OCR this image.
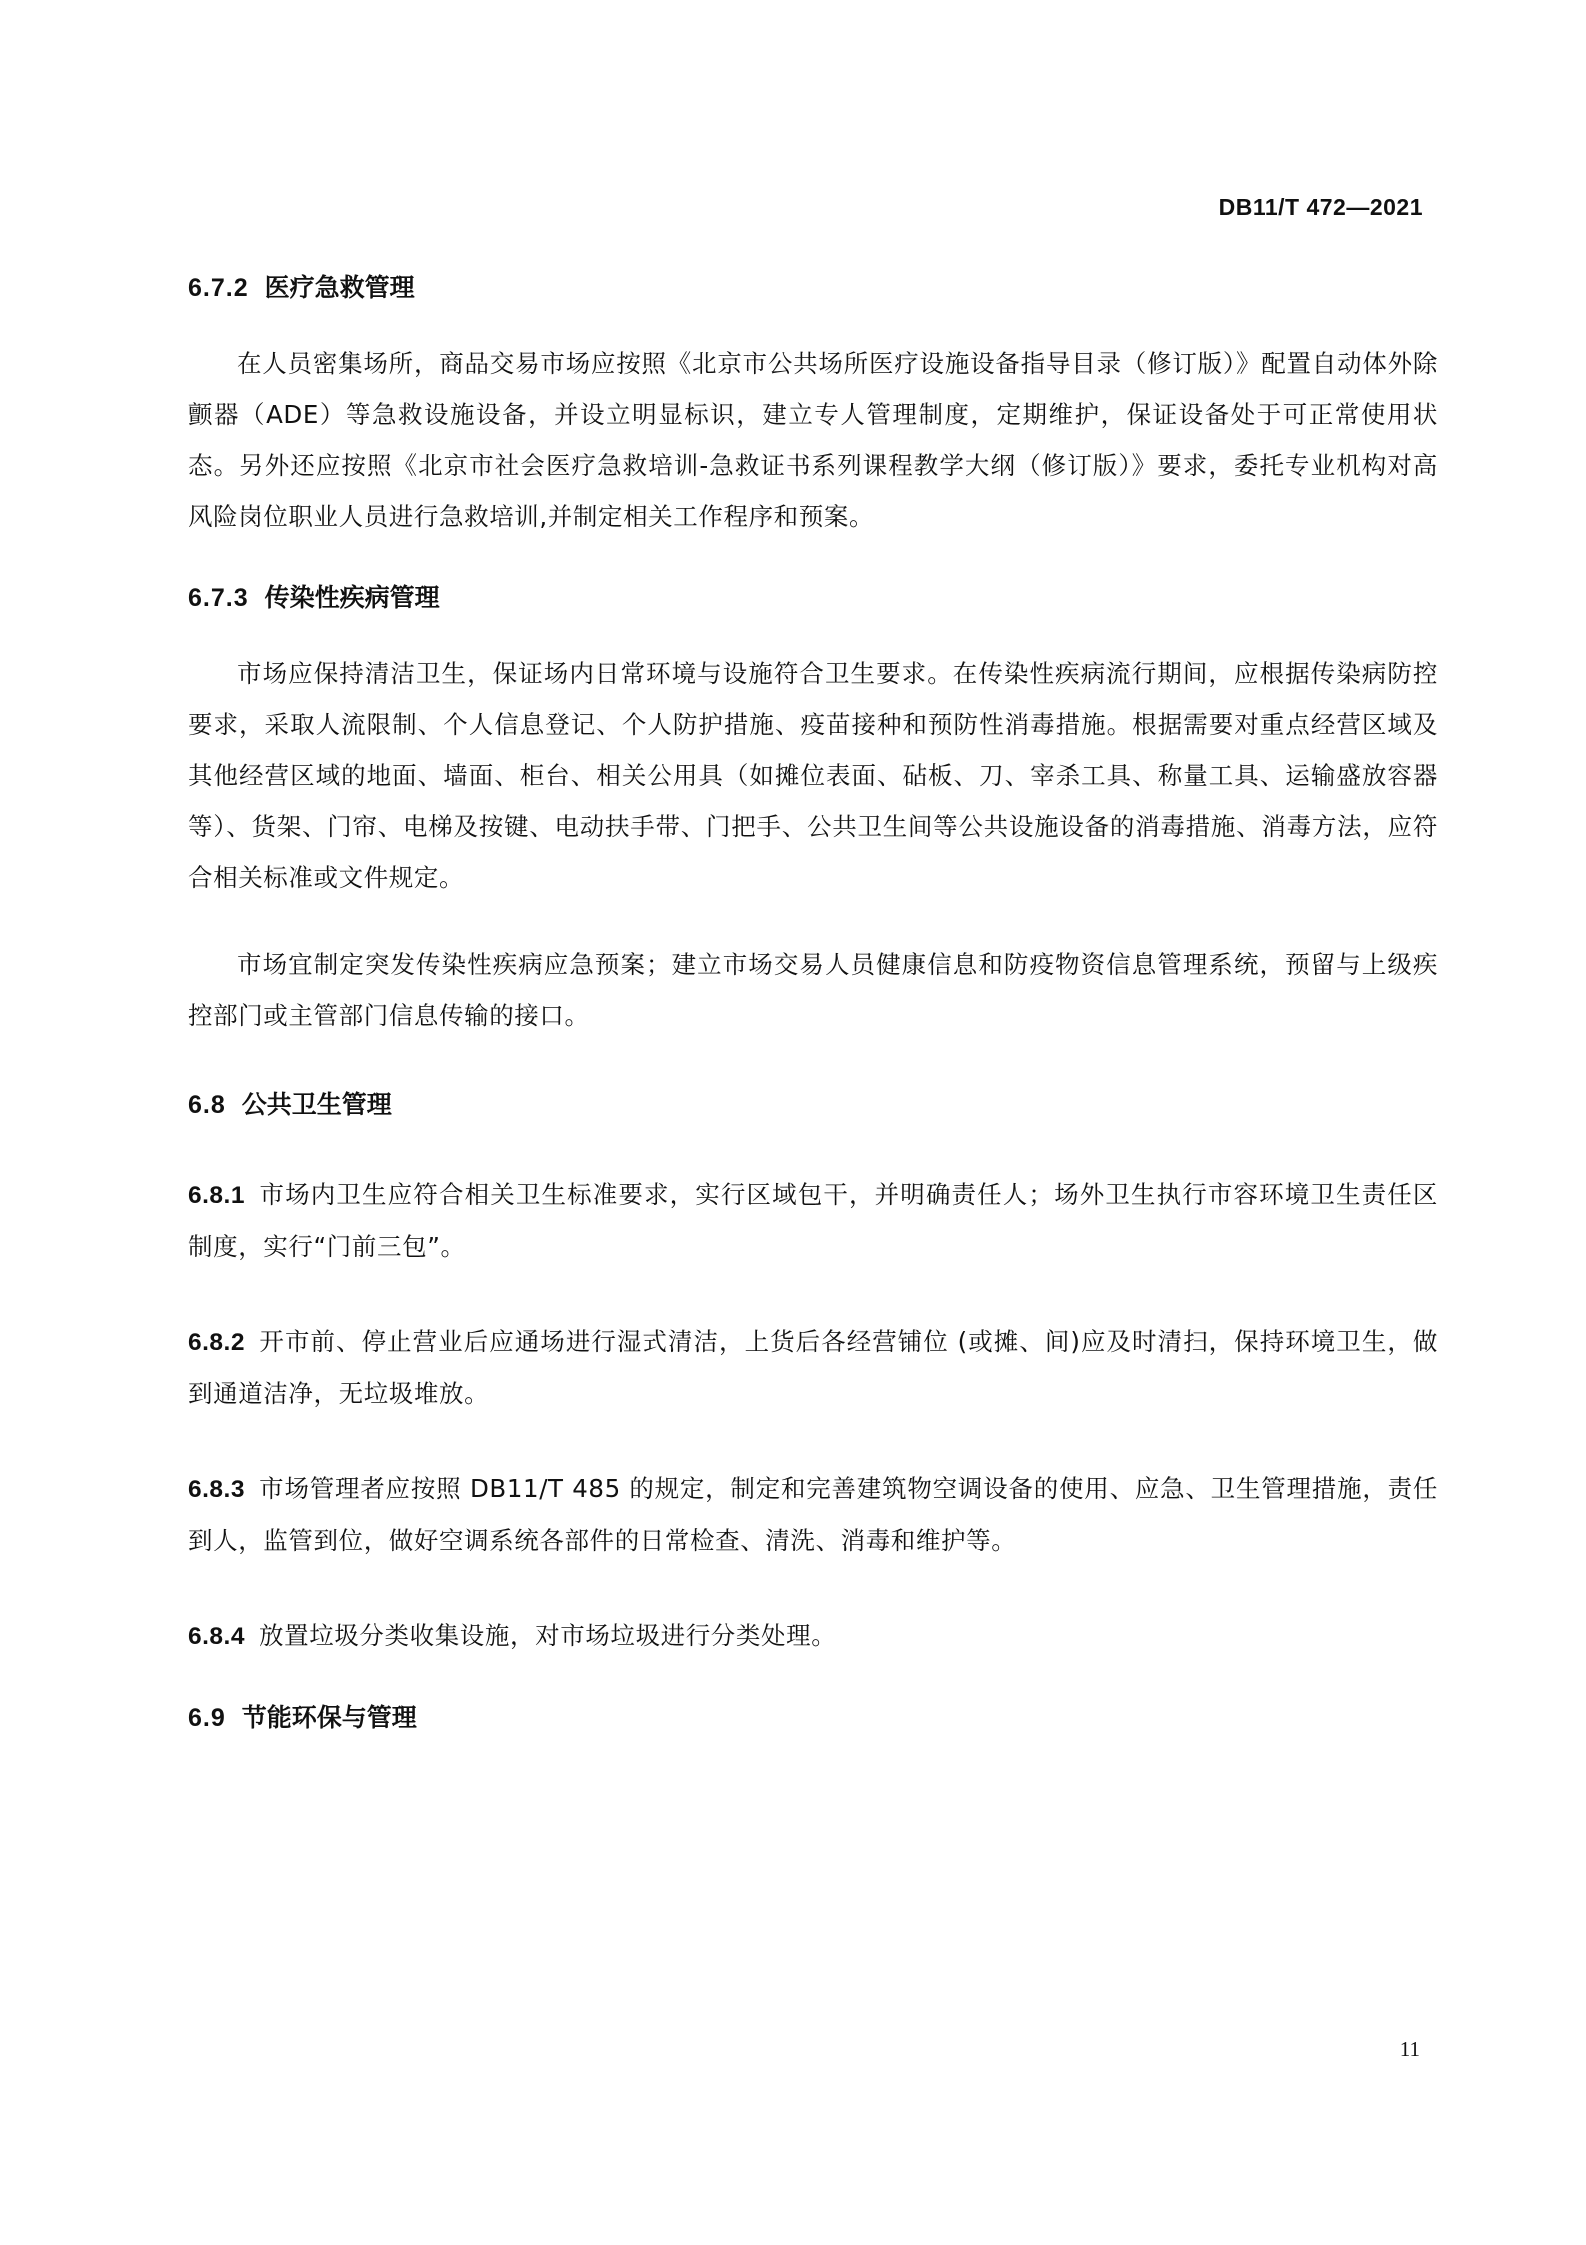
DB11/T 472—2021
6.7.2 医疗急救管理

在人员密集场所，商品交易市场应按照《北京市公共场所医疗设施设备指导目录（修订版）》配置自动体外除颤器（ADE）等急救设施设备，并设立明显标识，建立专人管理制度，定期维护，保证设备处于可正常使用状态。另外还应按照《北京市社会医疗急救培训-急救证书系列课程教学大纲（修订版）》要求，委托专业机构对高风险岗位职业人员进行急救培训,并制定相关工作程序和预案。

6.7.3 传染性疾病管理

市场应保持清洁卫生，保证场内日常环境与设施符合卫生要求。在传染性疾病流行期间，应根据传染病防控要求，采取人流限制、个人信息登记、个人防护措施、疫苗接种和预防性消毒措施。根据需要对重点经营区域及其他经营区域的地面、墙面、柜台、相关公用具（如摊位表面、砧板、刀、宰杀工具、称量工具、运输盛放容器等）、货架、门帘、电梯及按键、电动扶手带、门把手、公共卫生间等公共设施设备的消毒措施、消毒方法，应符合相关标准或文件规定。

市场宜制定突发传染性疾病应急预案；建立市场交易人员健康信息和防疫物资信息管理系统，预留与上级疾控部门或主管部门信息传输的接口。

6.8 公共卫生管理

6.8.1 市场内卫生应符合相关卫生标准要求，实行区域包干，并明确责任人；场外卫生执行市容环境卫生责任区制度，实行“门前三包”。

6.8.2 开市前、停止营业后应通场进行湿式清洁，上货后各经营铺位 (或摊、间)应及时清扫，保持环境卫生，做到通道洁净，无垃圾堆放。

6.8.3 市场管理者应按照 DB11/T 485 的规定，制定和完善建筑物空调设备的使用、应急、卫生管理措施，责任到人，监管到位，做好空调系统各部件的日常检查、清洗、消毒和维护等。

6.8.4 放置垃圾分类收集设施，对市场垃圾进行分类处理。

6.9 节能环保与管理
11
